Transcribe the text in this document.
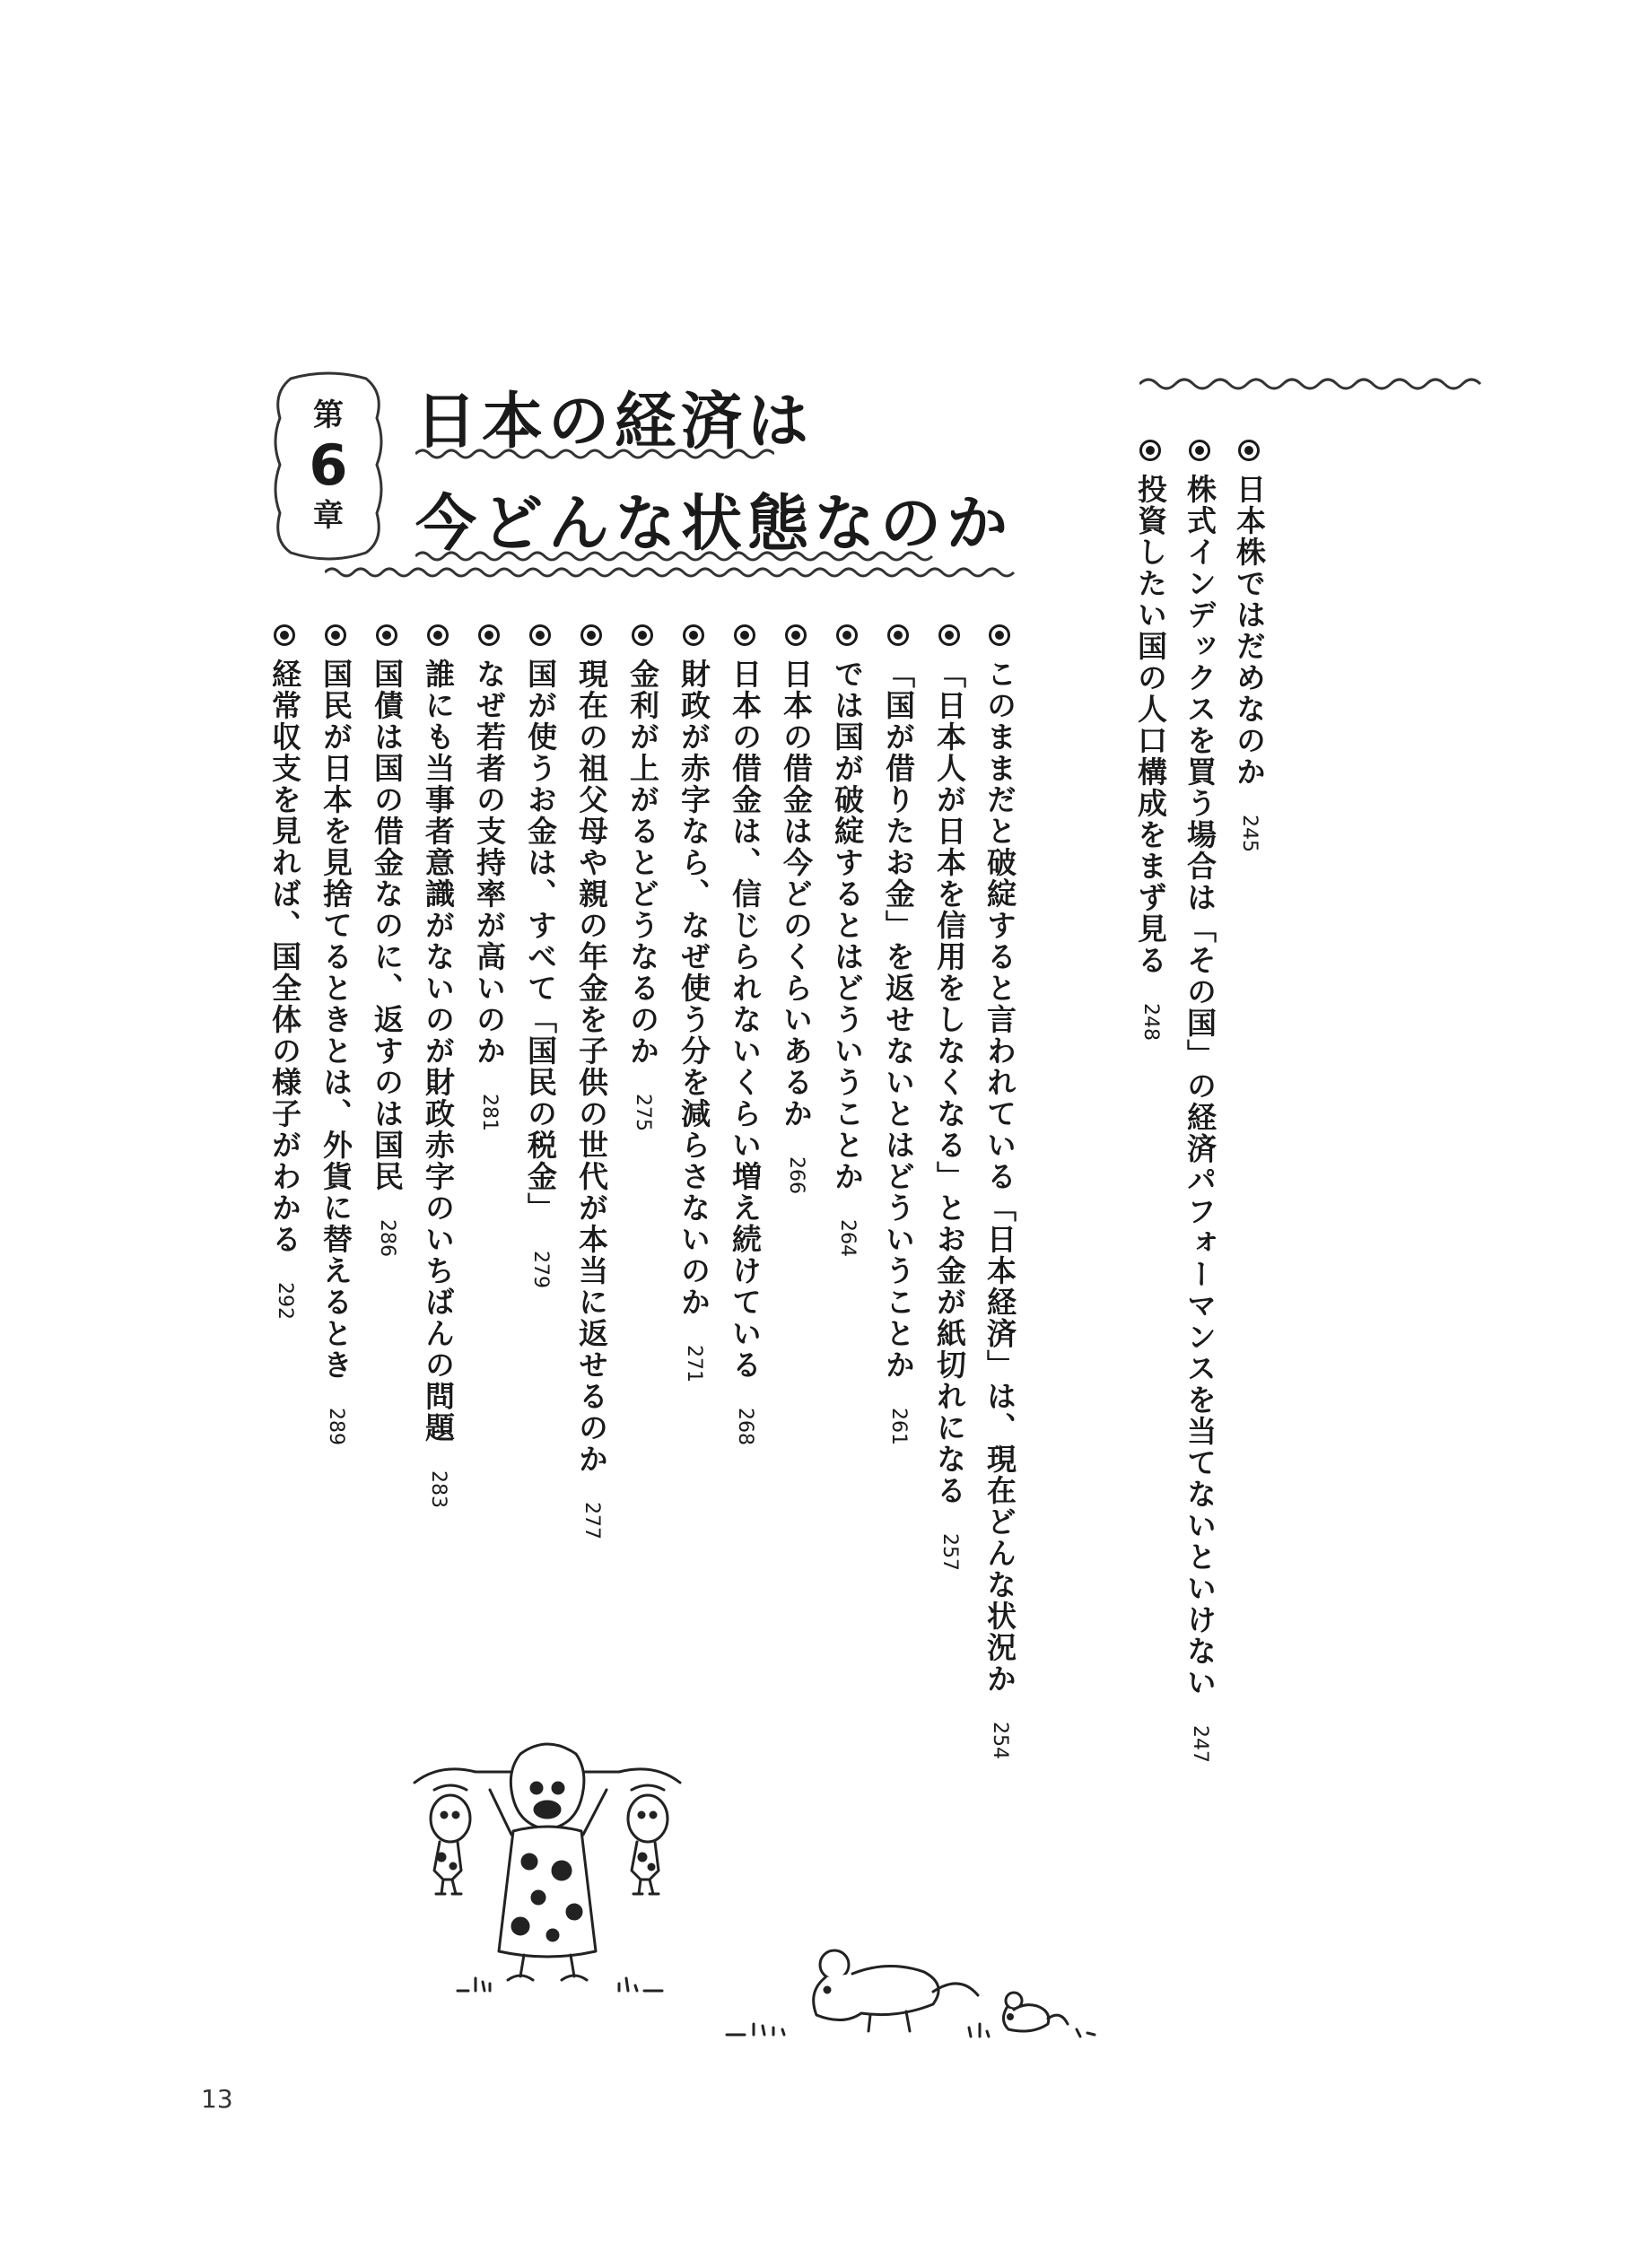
第
6
章
日本の経済は
今どんな状態なのか	日本株ではだめなのか245
株式インデックスを買う場合は「その国」の経済パフォーマンスを当てないといけない247
投資したい国の人口構成をまず見る248
このままだと破綻すると言われている「日本経済」は、現在どんな状況か254
「日本人が日本を信用をしなくなる」とお金が紙切れになる257
「国が借りたお金」を返せないとはどういうことか261
では国が破綻するとはどういうことか264
日本の借金は今どのくらいあるか266
日本の借金は、信じられないくらい増え続けている268
財政が赤字なら、なぜ使う分を減らさないのか271
金利が上がるとどうなるのか275
現在の祖父母や親の年金を子供の世代が本当に返せるのか277
国が使うお金は、すべて「国民の税金」279
なぜ若者の支持率が高いのか281
誰にも当事者意識がないのが財政赤字のいちばんの問題283
国債は国の借金なのに、返すのは国民286
国民が日本を見捨てるときとは、外貨に替えるとき289
経常収支を見れば、国全体の様子がわかる292
13
